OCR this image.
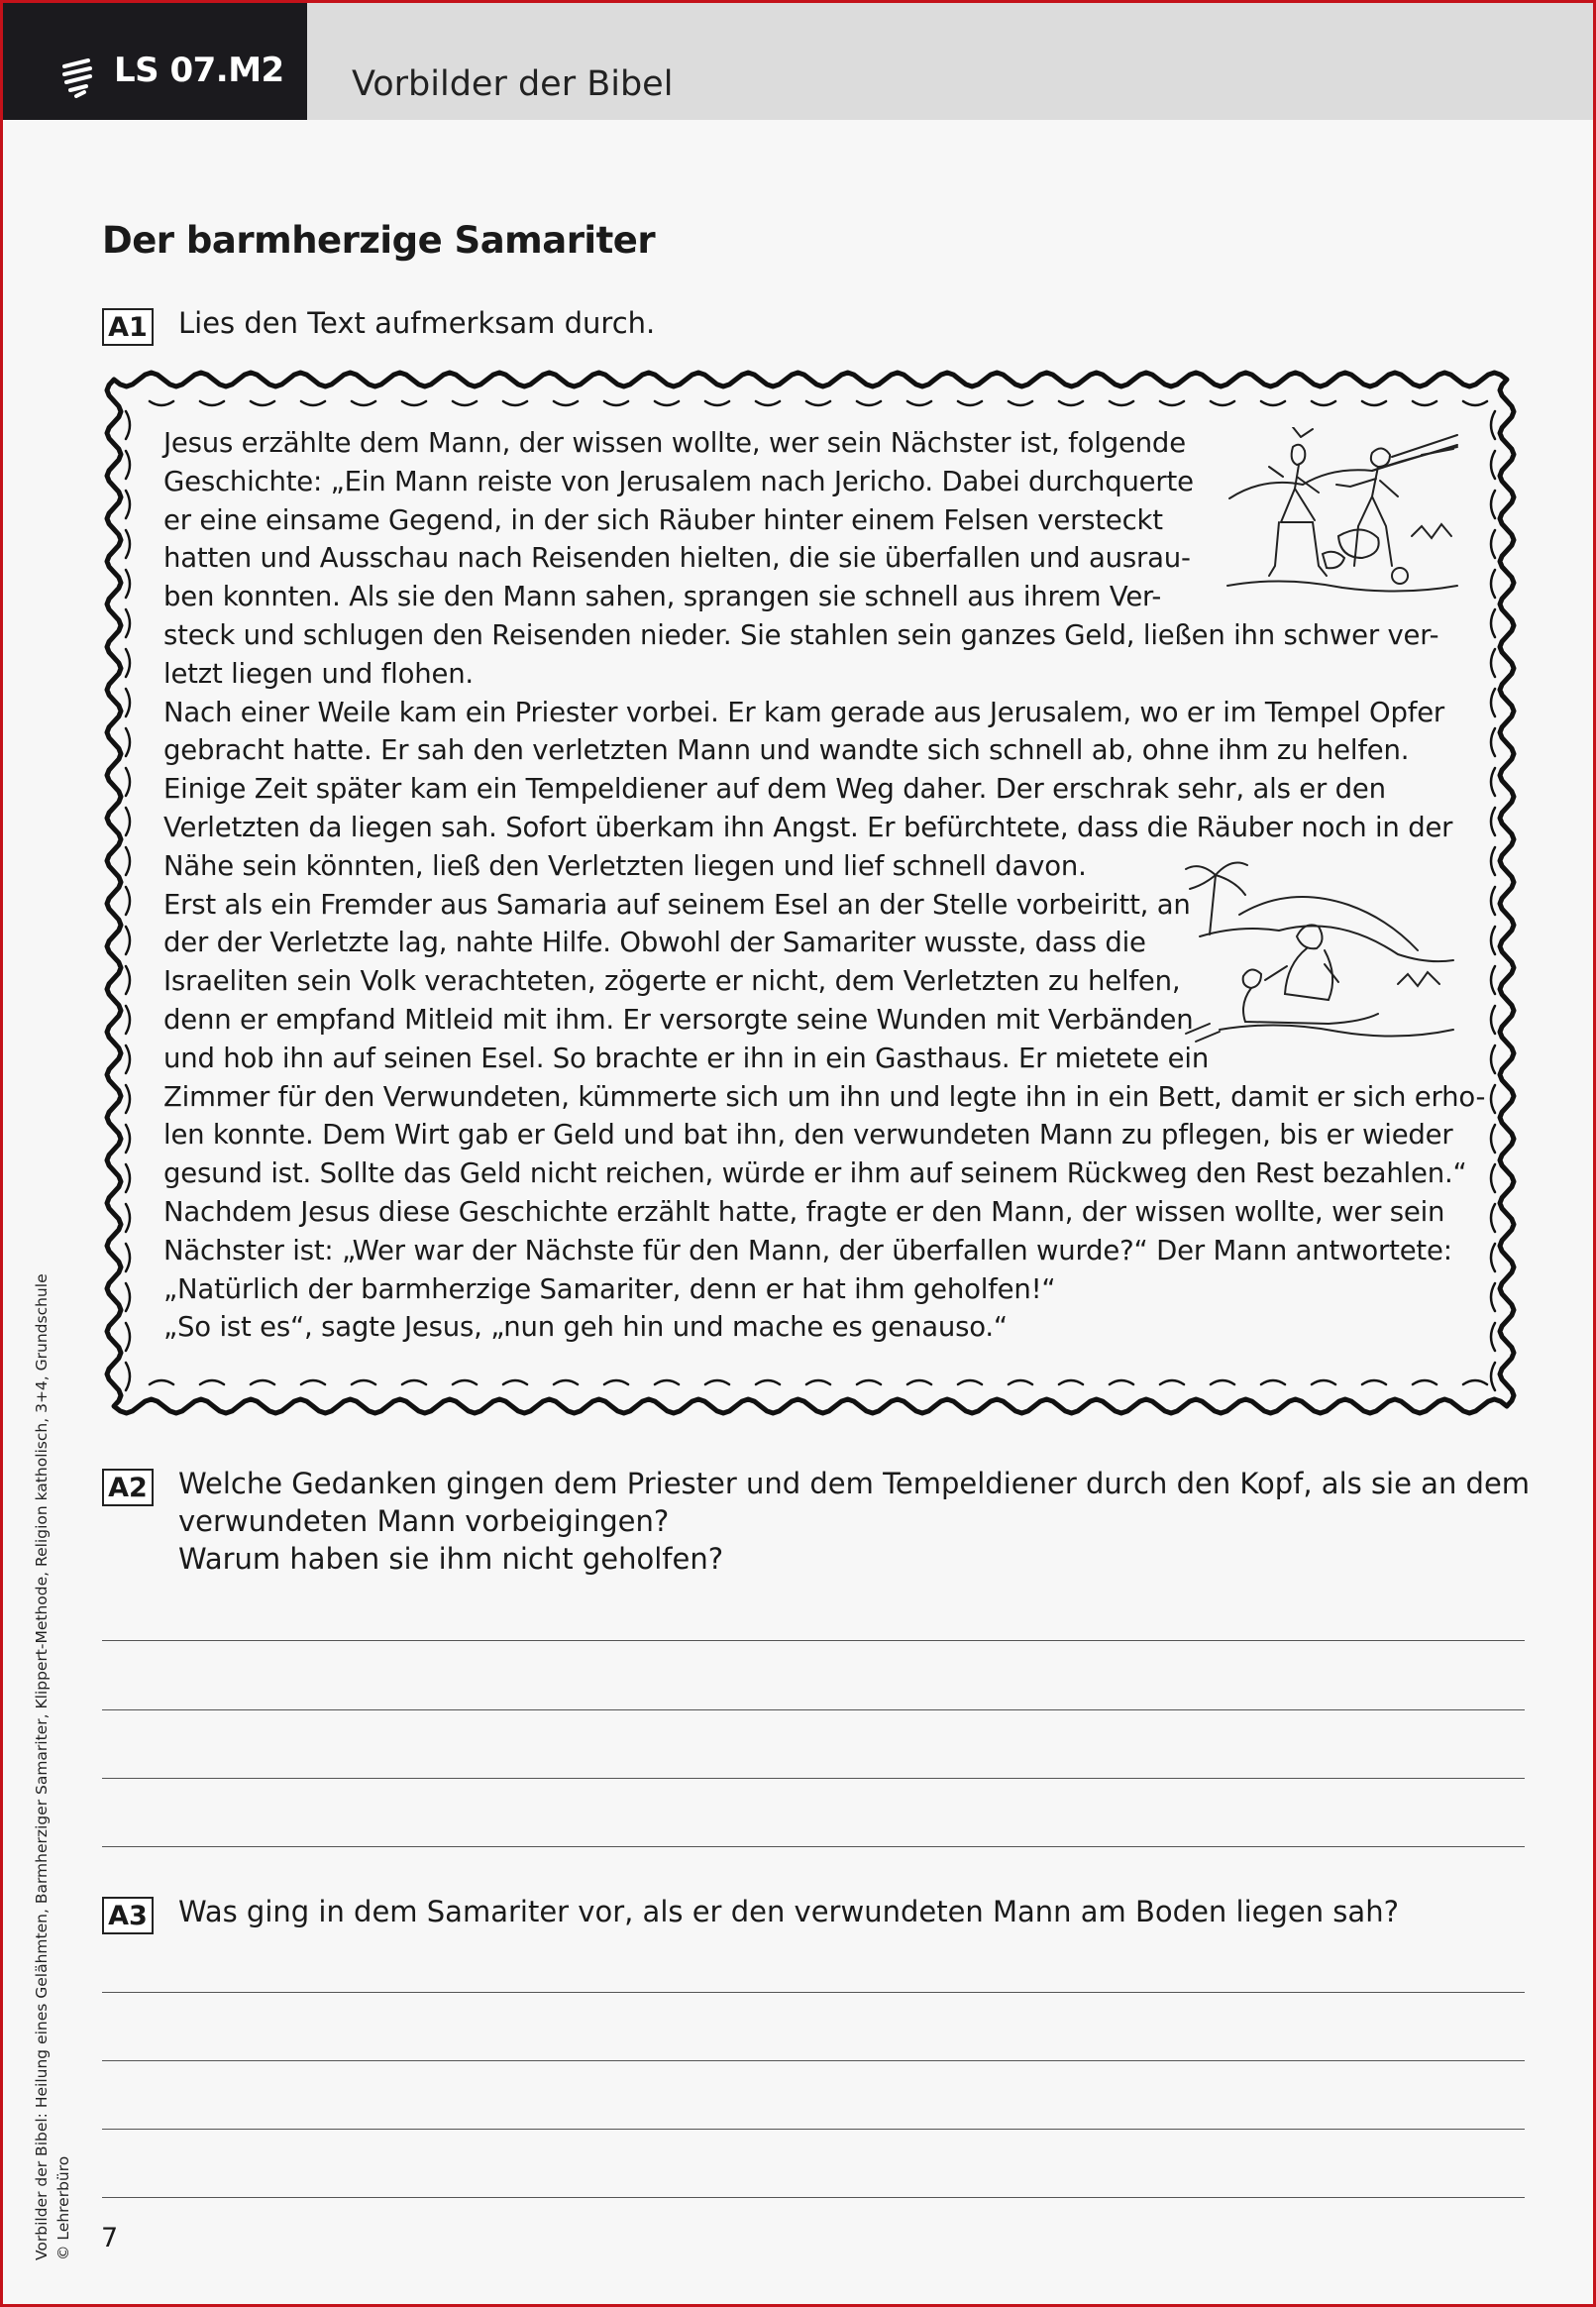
LS 07.M2 Vorbilder der Bibel
Der barmherzige Samariter
A1 Lies den Text aufmerksam durch.
Jesus erzählte dem Mann, der wissen wollte, wer sein Nächster ist, folgende
Geschichte: „Ein Mann reiste von Jerusalem nach Jericho. Dabei durchquerte
er eine einsame Gegend, in der sich Räuber hinter einem Felsen versteckt
hatten und Ausschau nach Reisenden hielten, die sie überfallen und ausrau-
ben konnten. Als sie den Mann sahen, sprangen sie schnell aus ihrem Ver-
steck und schlugen den Reisenden nieder. Sie stahlen sein ganzes Geld, ließen ihn schwer ver-
letzt liegen und flohen.
Nach einer Weile kam ein Priester vorbei. Er kam gerade aus Jerusalem, wo er im Tempel Opfer
gebracht hatte. Er sah den verletzten Mann und wandte sich schnell ab, ohne ihm zu helfen.
Einige Zeit später kam ein Tempeldiener auf dem Weg daher. Der erschrak sehr, als er den
Verletzten da liegen sah. Sofort überkam ihn Angst. Er befürchtete, dass die Räuber noch in der
Nähe sein könnten, ließ den Verletzten liegen und lief schnell davon.
Erst als ein Fremder aus Samaria auf seinem Esel an der Stelle vorbeiritt, an
der der Verletzte lag, nahte Hilfe. Obwohl der Samariter wusste, dass die
Israeliten sein Volk verachteten, zögerte er nicht, dem Verletzten zu helfen,
denn er empfand Mitleid mit ihm. Er versorgte seine Wunden mit Verbänden
und hob ihn auf seinen Esel. So brachte er ihn in ein Gasthaus. Er mietete ein
Zimmer für den Verwundeten, kümmerte sich um ihn und legte ihn in ein Bett, damit er sich erho-
len konnte. Dem Wirt gab er Geld und bat ihn, den verwundeten Mann zu pflegen, bis er wieder
gesund ist. Sollte das Geld nicht reichen, würde er ihm auf seinem Rückweg den Rest bezahlen.“
Nachdem Jesus diese Geschichte erzählt hatte, fragte er den Mann, der wissen wollte, wer sein
Nächster ist: „Wer war der Nächste für den Mann, der überfallen wurde?“ Der Mann antwortete:
„Natürlich der barmherzige Samariter, denn er hat ihm geholfen!“
„So ist es“, sagte Jesus, „nun geh hin und mache es genauso.“
A2 Welche Gedanken gingen dem Priester und dem Tempeldiener durch den Kopf, als sie an dem
verwundeten Mann vorbeigingen?
Warum haben sie ihm nicht geholfen?
A3 Was ging in dem Samariter vor, als er den verwundeten Mann am Boden liegen sah?
Vorbilder der Bibel: Heilung eines Gelähmten, Barmherziger Samariter, Klippert-Methode, Religion katholisch, 3+4, Grundschule © Lehrerbüro 7
